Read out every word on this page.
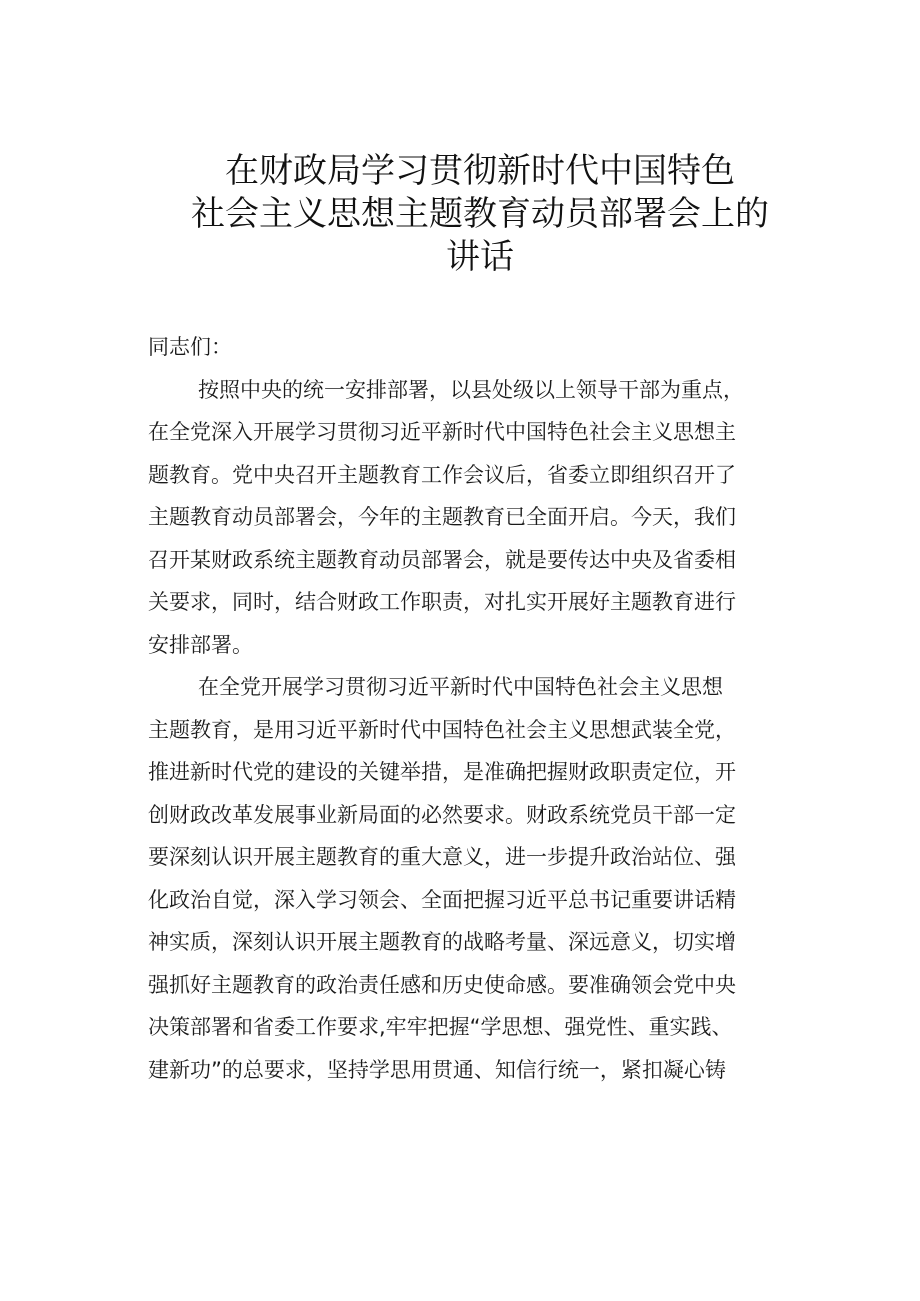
在财政局学习贯彻新时代中国特色
社会主义思想主题教育动员部署会上的
讲话
同志们：
按照中央的统一安排部署，以县处级以上领导干部为重点，
在全党深入开展学习贯彻习近平新时代中国特色社会主义思想主
题教育。党中央召开主题教育工作会议后，省委立即组织召开了
主题教育动员部署会，今年的主题教育已全面开启。今天，我们
召开某财政系统主题教育动员部署会，就是要传达中央及省委相
关要求，同时，结合财政工作职责，对扎实开展好主题教育进行
安排部署。
在全党开展学习贯彻习近平新时代中国特色社会主义思想
主题教育，是用习近平新时代中国特色社会主义思想武装全党，
推进新时代党的建设的关键举措，是准确把握财政职责定位，开
创财政改革发展事业新局面的必然要求。财政系统党员干部一定
要深刻认识开展主题教育的重大意义，进一步提升政治站位、强
化政治自觉，深入学习领会、全面把握习近平总书记重要讲话精
神实质，深刻认识开展主题教育的战略考量、深远意义，切实增
强抓好主题教育的政治责任感和历史使命感。要准确领会党中央
决策部署和省委工作要求,牢牢把握“学思想、强党性、重实践、
建新功”的总要求，坚持学思用贯通、知信行统一，紧扣凝心铸
